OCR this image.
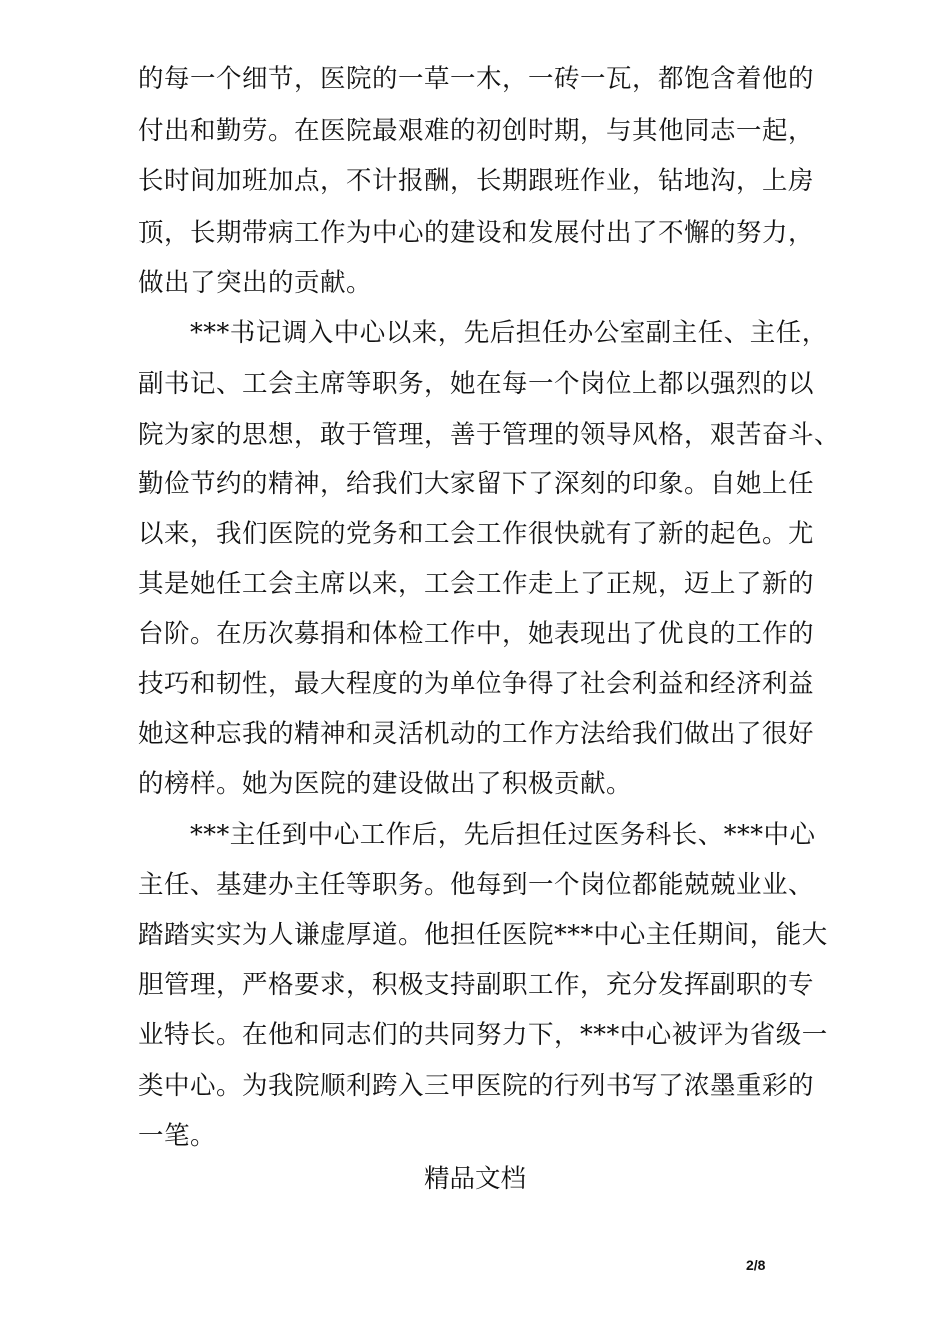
的每一个细节，医院的一草一木，一砖一瓦，都饱含着他的
付出和勤劳。在医院最艰难的初创时期，与其他同志一起，
长时间加班加点，不计报酬，长期跟班作业，钻地沟，上房
顶，长期带病工作为中心的建设和发展付出了不懈的努力，
做出了突出的贡献。
　　***书记调入中心以来，先后担任办公室副主任、主任，
副书记、工会主席等职务，她在每一个岗位上都以强烈的以
院为家的思想，敢于管理，善于管理的领导风格，艰苦奋斗、
勤俭节约的精神，给我们大家留下了深刻的印象。自她上任
以来，我们医院的党务和工会工作很快就有了新的起色。尤
其是她任工会主席以来，工会工作走上了正规，迈上了新的
台阶。在历次募捐和体检工作中，她表现出了优良的工作的
技巧和韧性，最大程度的为单位争得了社会利益和经济利益
她这种忘我的精神和灵活机动的工作方法给我们做出了很好
的榜样。她为医院的建设做出了积极贡献。
　　***主任到中心工作后，先后担任过医务科长、***中心
主任、基建办主任等职务。他每到一个岗位都能兢兢业业、
踏踏实实为人谦虚厚道。他担任医院***中心主任期间，能大
胆管理，严格要求，积极支持副职工作，充分发挥副职的专
业特长。在他和同志们的共同努力下，***中心被评为省级一
类中心。为我院顺利跨入三甲医院的行列书写了浓墨重彩的
一笔。
精品文档
2/8
